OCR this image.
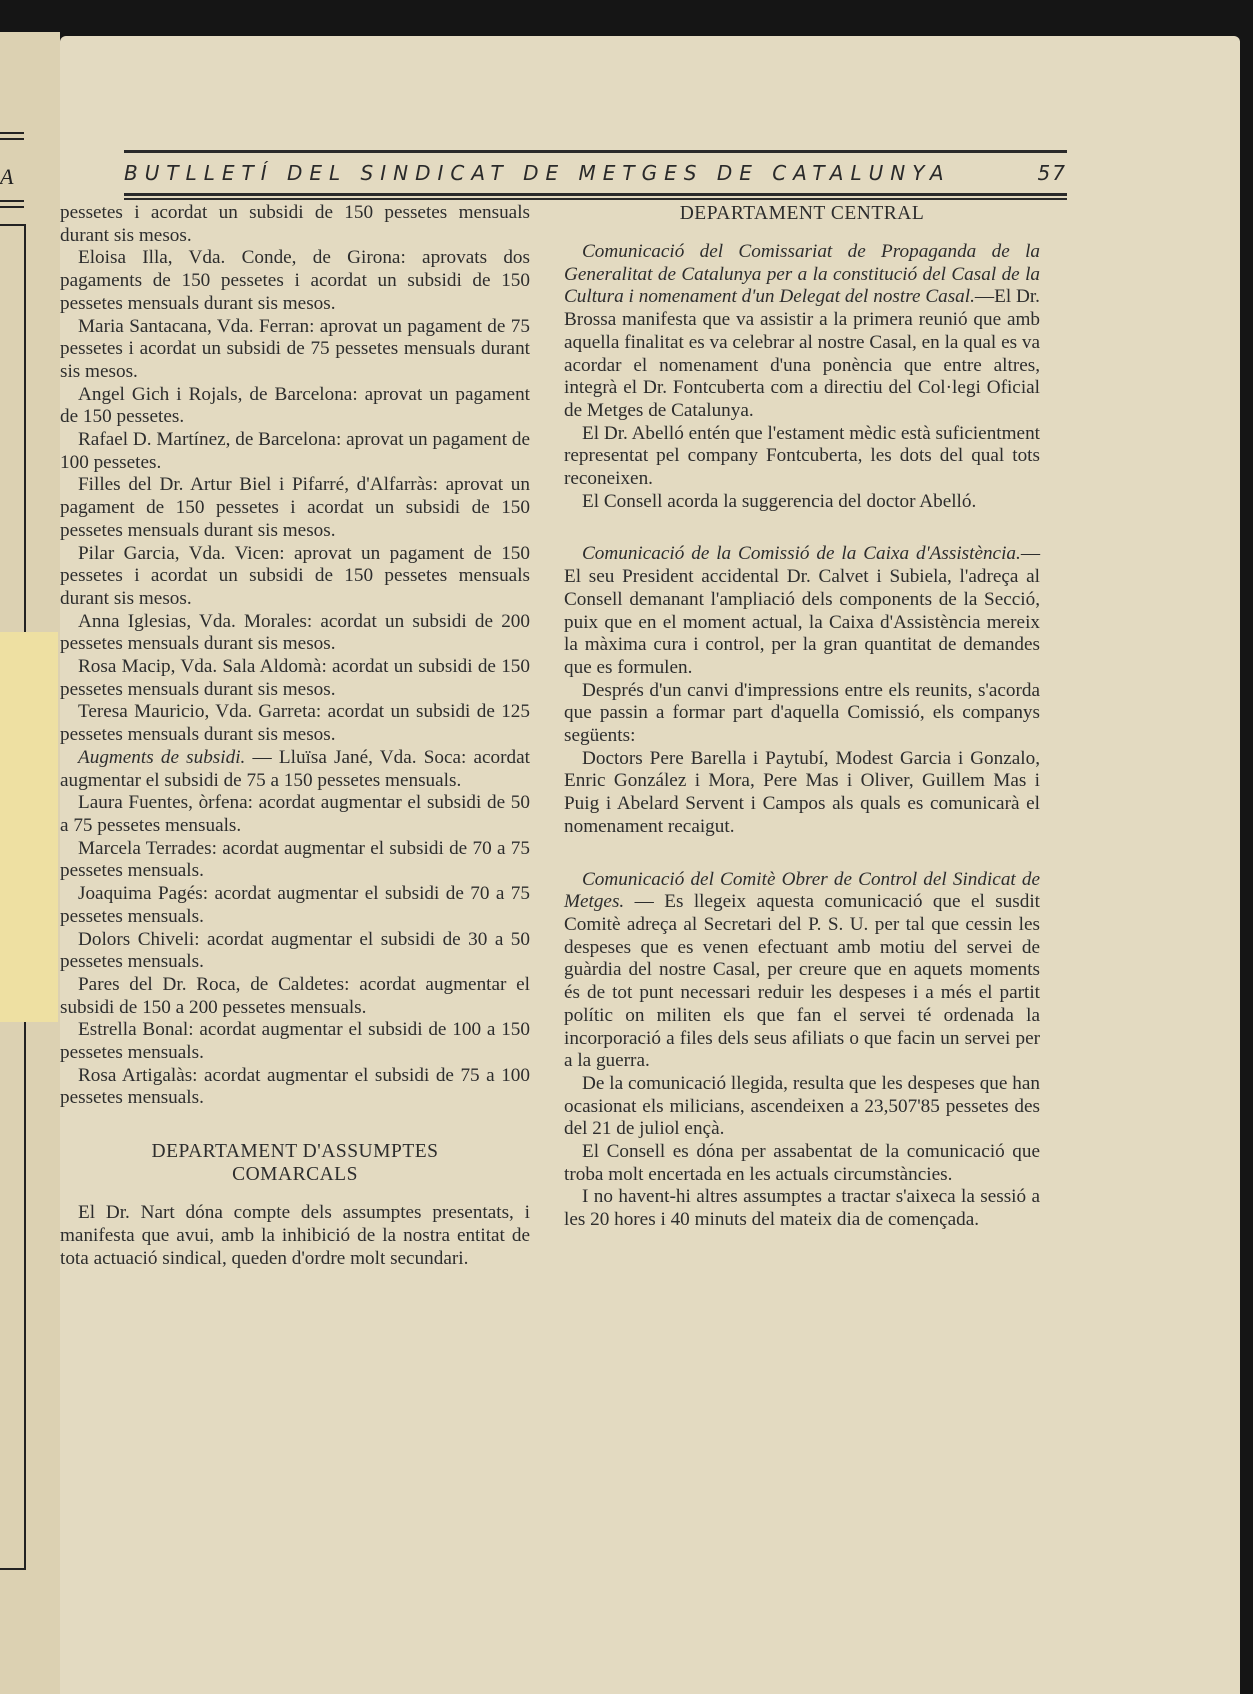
A	BUTLLETÍ DEL SINDICAT DE METGES DE CATALUNYA	57

pessetes i acordat un subsidi de 150 pessetes mensuals durant sis mesos.

Eloisa Illa, Vda. Conde, de Girona: aprovats dos pagaments de 150 pessetes i acordat un subsidi de 150 pessetes mensuals durant sis mesos.

Maria Santacana, Vda. Ferran: aprovat un pagament de 75 pessetes i acordat un subsidi de 75 pessetes mensuals durant sis mesos.

Angel Gich i Rojals, de Barcelona: aprovat un pagament de 150 pessetes.

Rafael D. Martínez, de Barcelona: aprovat un pagament de 100 pessetes.

Filles del Dr. Artur Biel i Pifarré, d'Alfarràs: aprovat un pagament de 150 pessetes i acordat un subsidi de 150 pessetes mensuals durant sis mesos.

Pilar Garcia, Vda. Vicen: aprovat un pagament de 150 pessetes i acordat un subsidi de 150 pessetes mensuals durant sis mesos.

Anna Iglesias, Vda. Morales: acordat un subsidi de 200 pessetes mensuals durant sis mesos.

Rosa Macip, Vda. Sala Aldomà: acordat un subsidi de 150 pessetes mensuals durant sis mesos.

Teresa Mauricio, Vda. Garreta: acordat un subsidi de 125 pessetes mensuals durant sis mesos.

Augments de subsidi. — Lluïsa Jané, Vda. Soca: acordat augmentar el subsidi de 75 a 150 pessetes mensuals.

Laura Fuentes, òrfena: acordat augmentar el subsidi de 50 a 75 pessetes mensuals.

Marcela Terrades: acordat augmentar el subsidi de 70 a 75 pessetes mensuals.

Joaquima Pagés: acordat augmentar el subsidi de 70 a 75 pessetes mensuals.

Dolors Chiveli: acordat augmentar el subsidi de 30 a 50 pessetes mensuals.

Pares del Dr. Roca, de Caldetes: acordat augmentar el subsidi de 150 a 200 pessetes mensuals.

Estrella Bonal: acordat augmentar el subsidi de 100 a 150 pessetes mensuals.

Rosa Artigalàs: acordat augmentar el subsidi de 75 a 100 pessetes mensuals.

DEPARTAMENT D'ASSUMPTES COMARCALS

El Dr. Nart dóna compte dels assumptes presentats, i manifesta que avui, amb la inhibició de la nostra entitat de tota actuació sindical, queden d'ordre molt secundari.

DEPARTAMENT CENTRAL

Comunicació del Comissariat de Propaganda de la Generalitat de Catalunya per a la constitució del Casal de la Cultura i nomenament d'un Delegat del nostre Casal.—El Dr. Brossa manifesta que va assistir a la primera reunió que amb aquella finalitat es va celebrar al nostre Casal, en la qual es va acordar el nomenament d'una ponència que entre altres, integrà el Dr. Fontcuberta com a directiu del Col·legi Oficial de Metges de Catalunya.

El Dr. Abelló entén que l'estament mèdic està suficientment representat pel company Fontcuberta, les dots del qual tots reconeixen.

El Consell acorda la suggerencia del doctor Abelló.

Comunicació de la Comissió de la Caixa d'Assistència.—El seu President accidental Dr. Calvet i Subiela, l'adreça al Consell demanant l'ampliació dels components de la Secció, puix que en el moment actual, la Caixa d'Assistència mereix la màxima cura i control, per la gran quantitat de demandes que es formulen.

Després d'un canvi d'impressions entre els reunits, s'acorda que passin a formar part d'aquella Comissió, els companys següents:

Doctors Pere Barella i Paytubí, Modest Garcia i Gonzalo, Enric González i Mora, Pere Mas i Oliver, Guillem Mas i Puig i Abelard Servent i Campos als quals es comunicarà el nomenament recaigut.

Comunicació del Comitè Obrer de Control del Sindicat de Metges. — Es llegeix aquesta comunicació que el susdit Comitè adreça al Secretari del P. S. U. per tal que cessin les despeses que es venen efectuant amb motiu del servei de guàrdia del nostre Casal, per creure que en aquets moments és de tot punt necessari reduir les despeses i a més el partit polític on militen els que fan el servei té ordenada la incorporació a files dels seus afiliats o que facin un servei per a la guerra.

De la comunicació llegida, resulta que les despeses que han ocasionat els milicians, ascendeixen a 23,507'85 pessetes des del 21 de juliol ençà.

El Consell es dóna per assabentat de la comunicació que troba molt encertada en les actuals circumstàncies.

I no havent-hi altres assumptes a tractar s'aixeca la sessió a les 20 hores i 40 minuts del mateix dia de començada.
